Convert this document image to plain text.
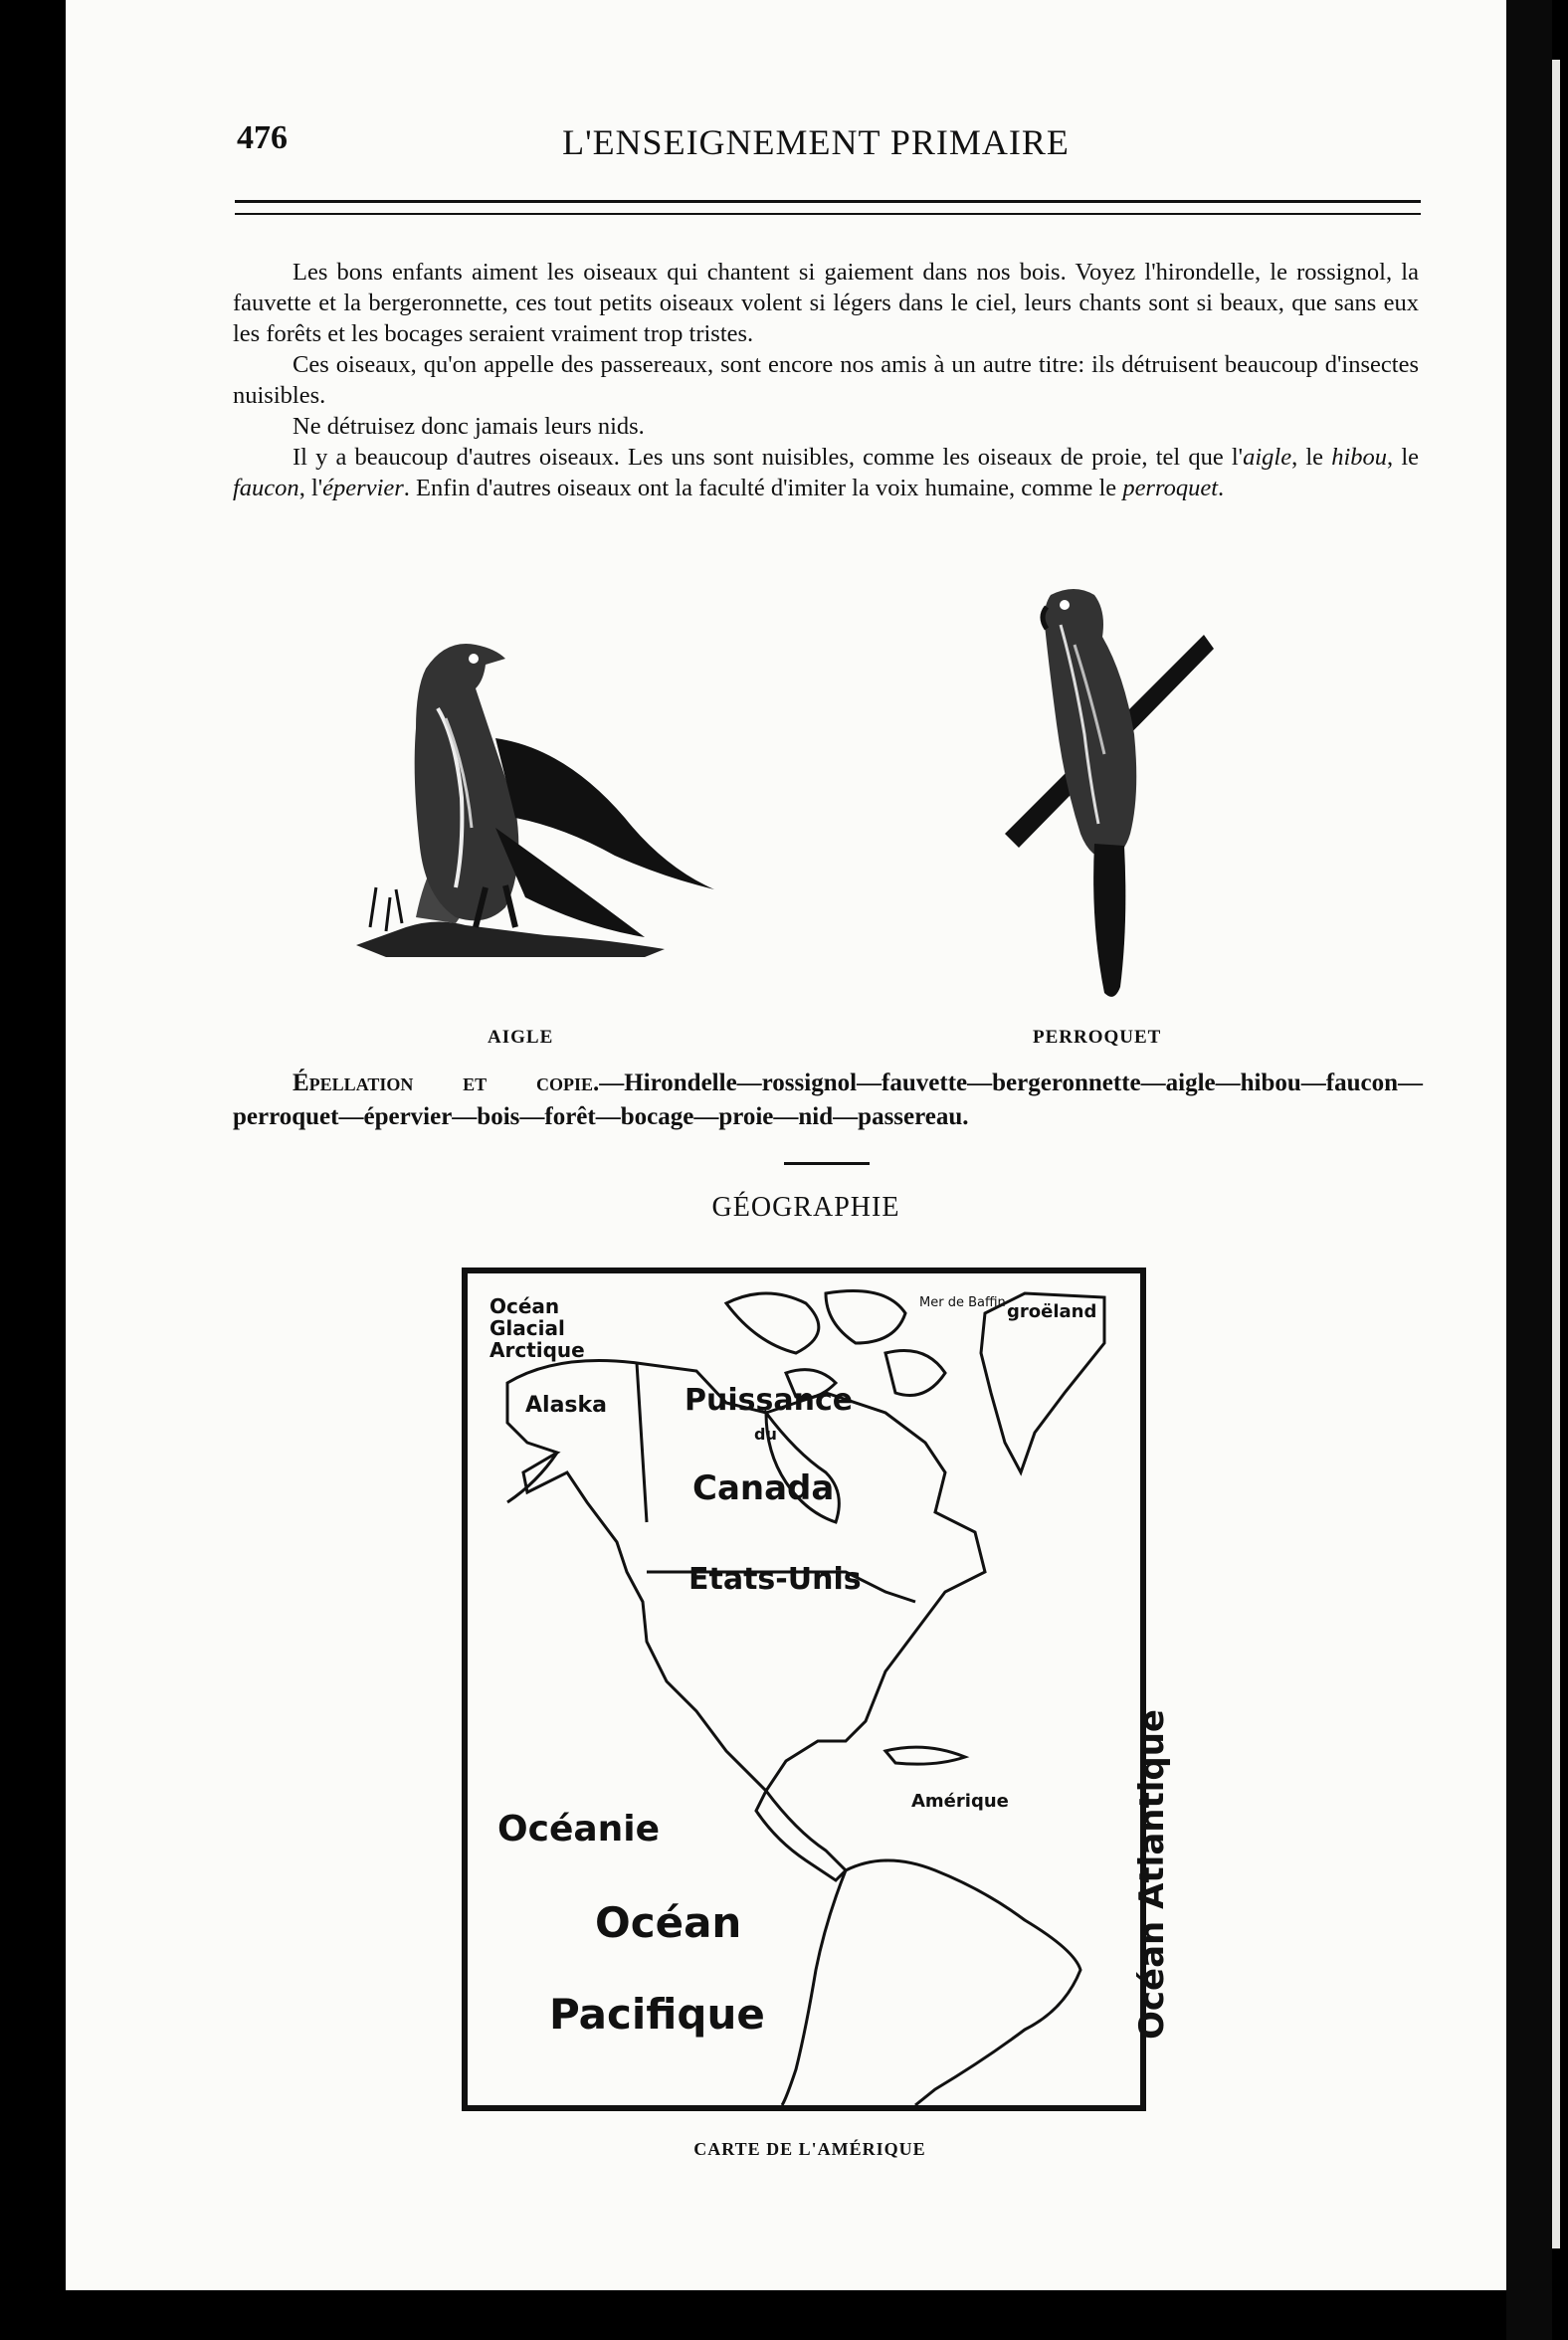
476	L'ENSEIGNEMENT PRIMAIRE

Les bons enfants aiment les oiseaux qui chantent si gaiement dans nos bois. Voyez l'hirondelle, le rossignol, la fauvette et la bergeronnette, ces tout petits oiseaux volent si légers dans le ciel, leurs chants sont si beaux, que sans eux les forêts et les bocages seraient vraiment trop tristes.

Ces oiseaux, qu'on appelle des passereaux, sont encore nos amis à un autre titre: ils détruisent beaucoup d'insectes nuisibles.

Ne détruisez donc jamais leurs nids.

Il y a beaucoup d'autres oiseaux. Les uns sont nuisibles, comme les oiseaux de proie, tel que l'aigle, le hibou, le faucon, l'épervier. Enfin d'autres oiseaux ont la faculté d'imiter la voix humaine, comme le perroquet.

AIGLE	PERROQUET
Épellation et copie.—Hirondelle—rossignol—fauvette—bergeronnette—aigle—hibou—faucon—perroquet—épervier—bois—forêt—bocage—proie—nid—passereau.
GÉOGRAPHIE
Océan Glacial Arctique
Mer de Baffin groëland
Alaska	Puissance
du
Canada
Etats-Unis
Amérique
Océanie
Océan
Pacifique	Océan Atlantique
CARTE DE L'AMÉRIQUE
